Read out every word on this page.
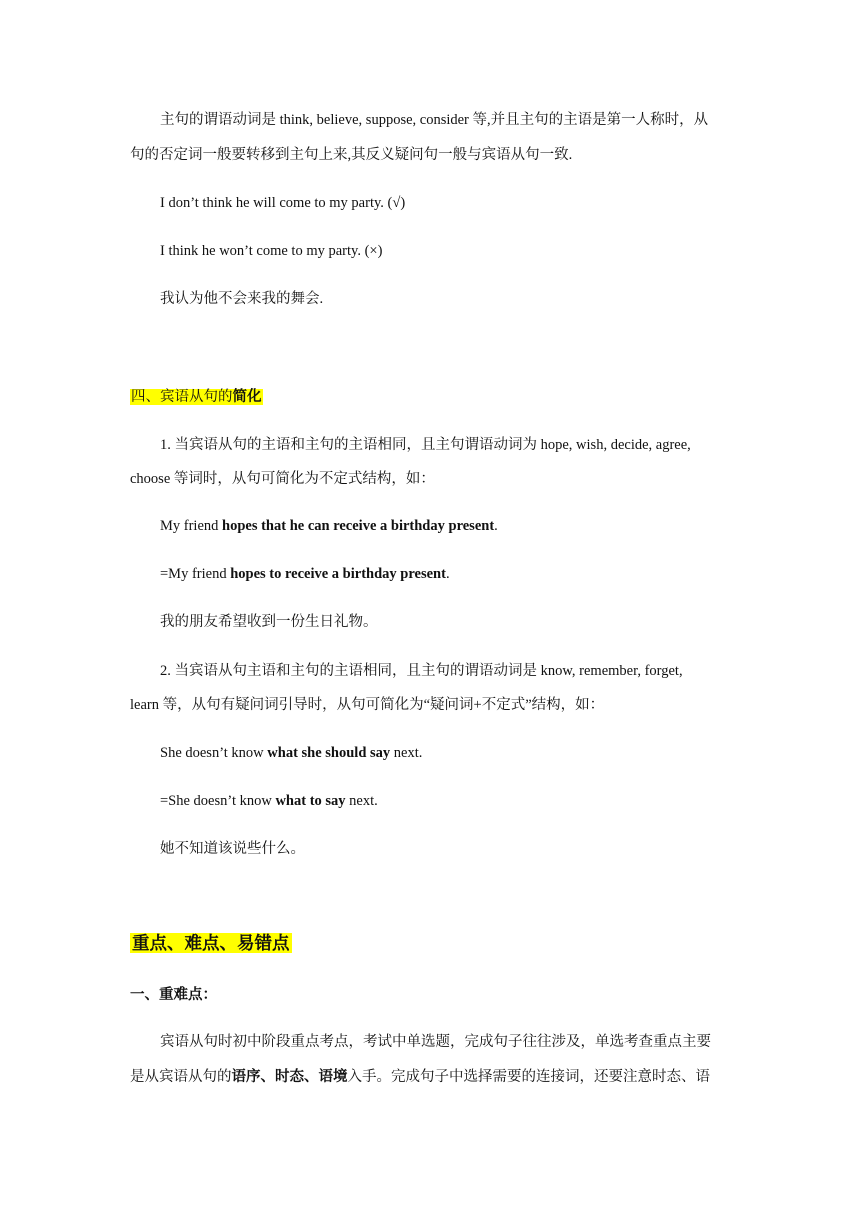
主句的谓语动词是 think, believe, suppose, consider 等,并且主句的主语是第一人称时，从
句的否定词一般要转移到主句上来,其反义疑问句一般与宾语从句一致.
I don’t think he will come to my party. (√)
I think he won’t come to my party. (×)
我认为他不会来我的舞会.
四、宾语从句的简化
1. 当宾语从句的主语和主句的主语相同，且主句谓语动词为 hope, wish, decide, agree,
choose 等词时，从句可简化为不定式结构，如：
My friend hopes that he can receive a birthday present.
=My friend hopes to receive a birthday present.
我的朋友希望收到一份生日礼物。
2. 当宾语从句主语和主句的主语相同，且主句的谓语动词是 know, remember, forget,
learn 等，从句有疑问词引导时，从句可简化为“疑问词+不定式”结构，如：
She doesn’t know what she should say next.
=She doesn’t know what to say next.
她不知道该说些什么。
重点、难点、易错点
一、重难点：
宾语从句时初中阶段重点考点，考试中单选题，完成句子往往涉及，单选考查重点主要
是从宾语从句的语序、时态、语境入手。完成句子中选择需要的连接词，还要注意时态、语
